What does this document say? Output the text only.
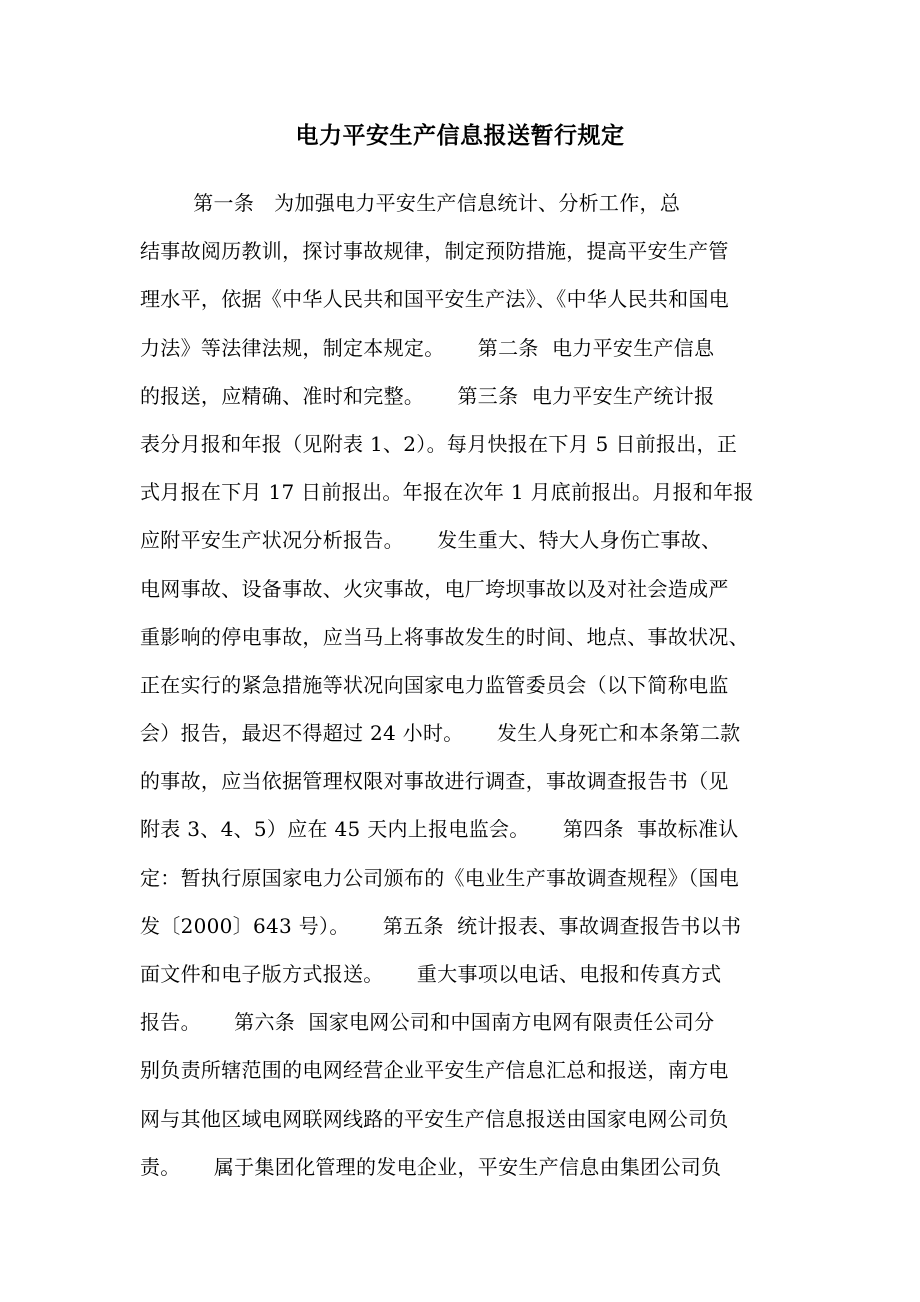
电力平安生产信息报送暂行规定
第一条   为加强电力平安生产信息统计、分析工作，总
结事故阅历教训，探讨事故规律，制定预防措施，提高平安生产管
理水平，依据《中华人民共和国平安生产法》、《中华人民共和国电
力法》等法律法规，制定本规定。     第二条  电力平安生产信息
的报送，应精确、准时和完整。     第三条  电力平安生产统计报
表分月报和年报（见附表 1、2）。每月快报在下月 5 日前报出，正
式月报在下月 17 日前报出。年报在次年 1 月底前报出。月报和年报
应附平安生产状况分析报告。     发生重大、特大人身伤亡事故、
电网事故、设备事故、火灾事故，电厂垮坝事故以及对社会造成严
重影响的停电事故，应当马上将事故发生的时间、地点、事故状况、
正在实行的紧急措施等状况向国家电力监管委员会（以下简称电监
会）报告，最迟不得超过 24 小时。     发生人身死亡和本条第二款
的事故，应当依据管理权限对事故进行调查，事故调查报告书（见
附表 3、4、5）应在 45 天内上报电监会。     第四条  事故标准认
定：暂执行原国家电力公司颁布的《电业生产事故调查规程》（国电
发〔2000〕643 号）。     第五条  统计报表、事故调查报告书以书
面文件和电子版方式报送。     重大事项以电话、电报和传真方式
报告。     第六条  国家电网公司和中国南方电网有限责任公司分
别负责所辖范围的电网经营企业平安生产信息汇总和报送，南方电
网与其他区域电网联网线路的平安生产信息报送由国家电网公司负
责。     属于集团化管理的发电企业，平安生产信息由集团公司负
